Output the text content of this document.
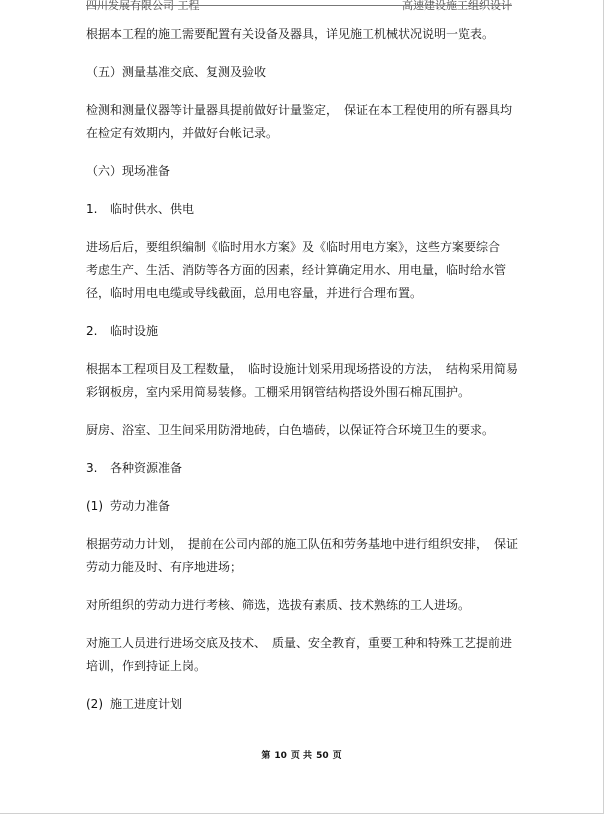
四川发展有限公司 工程	高速建设施工组织设计
根据本工程的施工需要配置有关设备及器具，详见施工机械状况说明一览表。
（五）测量基准交底、复测及验收
检测和测量仪器等计量器具提前做好计量鉴定，　保证在本工程使用的所有器具均
在检定有效期内，并做好台帐记录。
（六）现场准备
1. 临时供水、供电
进场后后，要组织编制《临时用水方案》及《临时用电方案》，这些方案要综合
考虑生产、生活、消防等各方面的因素，经计算确定用水、用电量，临时给水管
径，临时用电电缆或导线截面，总用电容量，并进行合理布置。
2. 临时设施
根据本工程项目及工程数量，　临时设施计划采用现场搭设的方法，　结构采用简易
彩钢板房，室内采用简易装修。工棚采用钢管结构搭设外围石棉瓦围护。
厨房、浴室、卫生间采用防滑地砖，白色墙砖，以保证符合环境卫生的要求。
3. 各种资源准备
(1) 劳动力准备
根据劳动力计划，　提前在公司内部的施工队伍和劳务基地中进行组织安排，　保证
劳动力能及时、有序地进场；
对所组织的劳动力进行考核、筛选，选拔有素质、技术熟练的工人进场。
对施工人员进行进场交底及技术、　质量、安全教育，重要工种和特殊工艺提前进
培训，作到持证上岗。
(2) 施工进度计划
第 10 页 共 50 页
